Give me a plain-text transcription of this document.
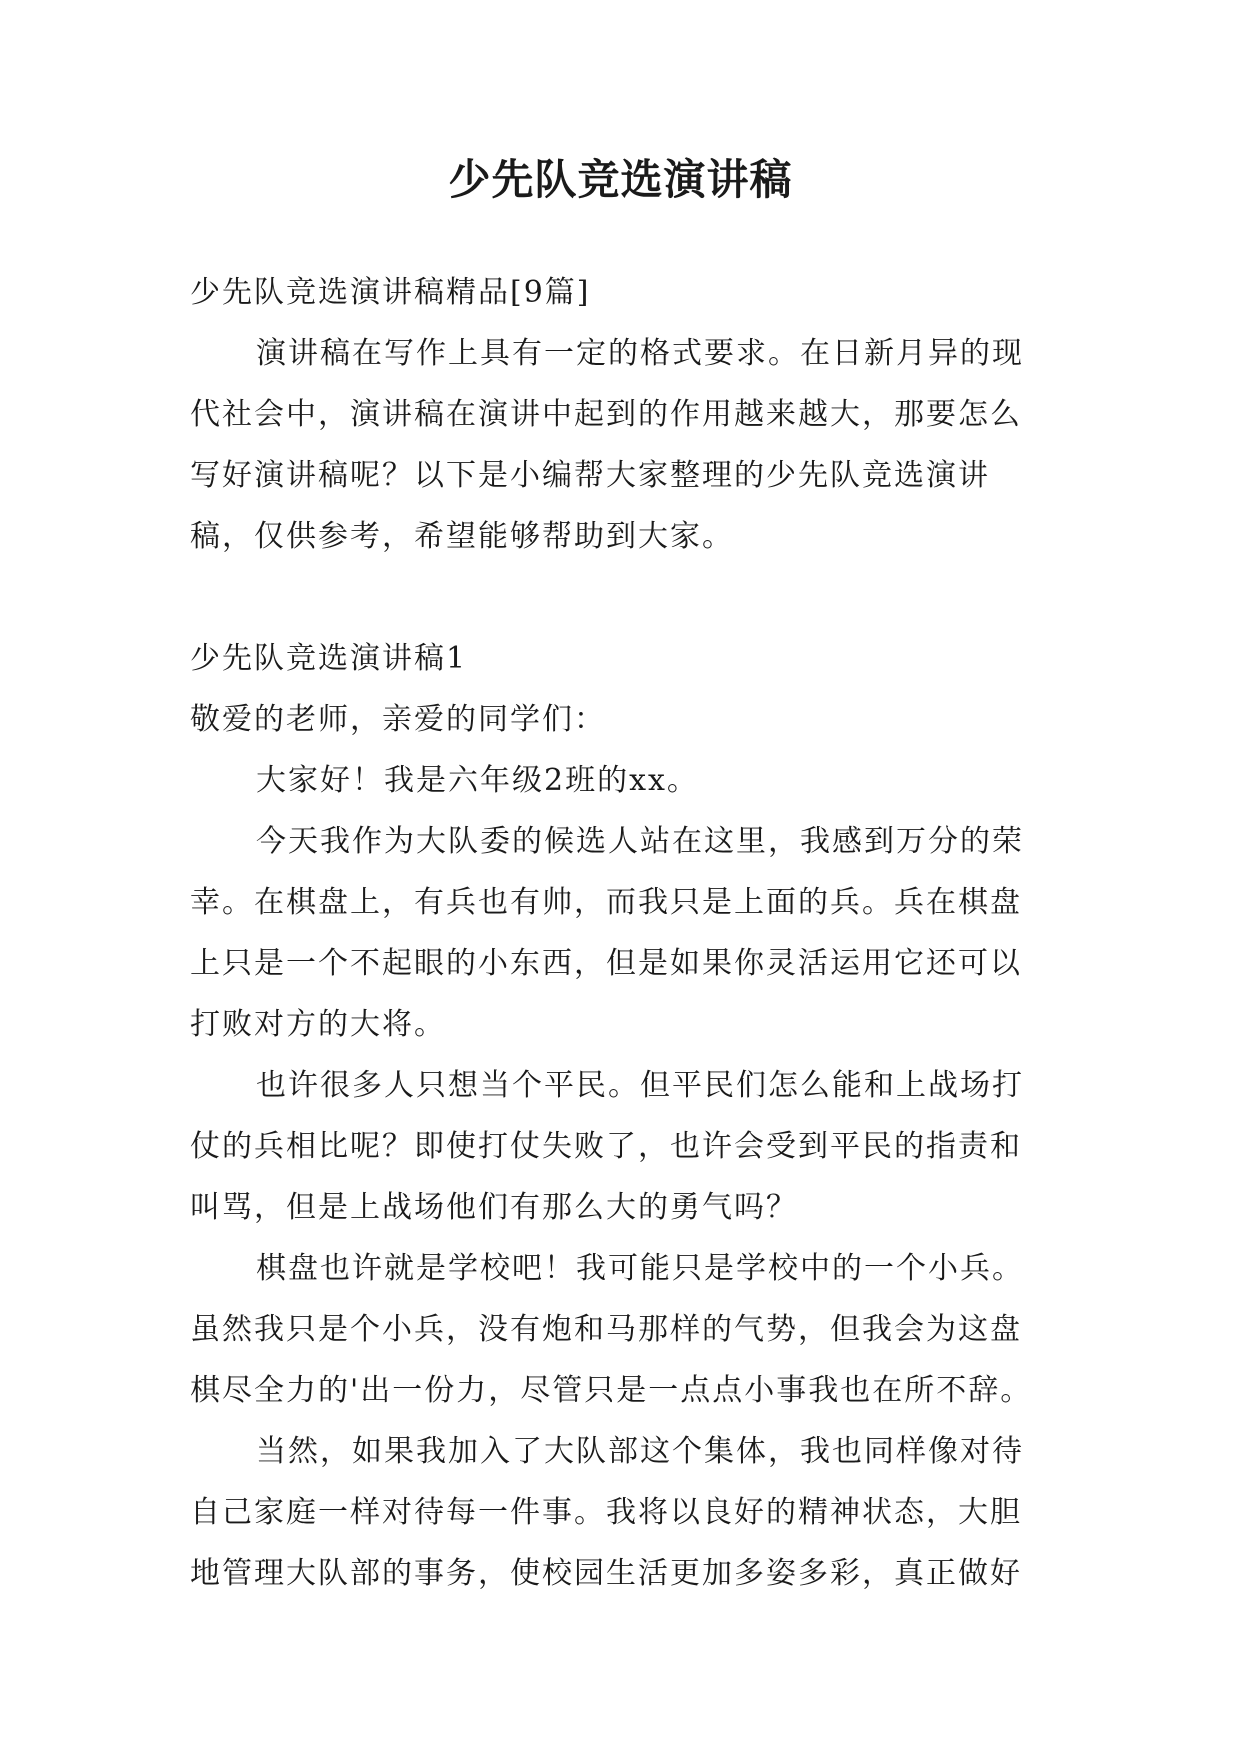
少先队竞选演讲稿
少先队竞选演讲稿精品[9篇]
演讲稿在写作上具有一定的格式要求。在日新月异的现
代社会中，演讲稿在演讲中起到的作用越来越大，那要怎么
写好演讲稿呢？以下是小编帮大家整理的少先队竞选演讲
稿，仅供参考，希望能够帮助到大家。
少先队竞选演讲稿1
敬爱的老师，亲爱的同学们：
大家好！我是六年级2班的xx。
今天我作为大队委的候选人站在这里，我感到万分的荣
幸。在棋盘上，有兵也有帅，而我只是上面的兵。兵在棋盘
上只是一个不起眼的小东西，但是如果你灵活运用它还可以
打败对方的大将。
也许很多人只想当个平民。但平民们怎么能和上战场打
仗的兵相比呢？即使打仗失败了，也许会受到平民的指责和
叫骂，但是上战场他们有那么大的勇气吗？
棋盘也许就是学校吧！我可能只是学校中的一个小兵。
虽然我只是个小兵，没有炮和马那样的气势，但我会为这盘
棋尽全力的'出一份力，尽管只是一点点小事我也在所不辞。
当然，如果我加入了大队部这个集体，我也同样像对待
自己家庭一样对待每一件事。我将以良好的精神状态，大胆
地管理大队部的事务，使校园生活更加多姿多彩，真正做好
